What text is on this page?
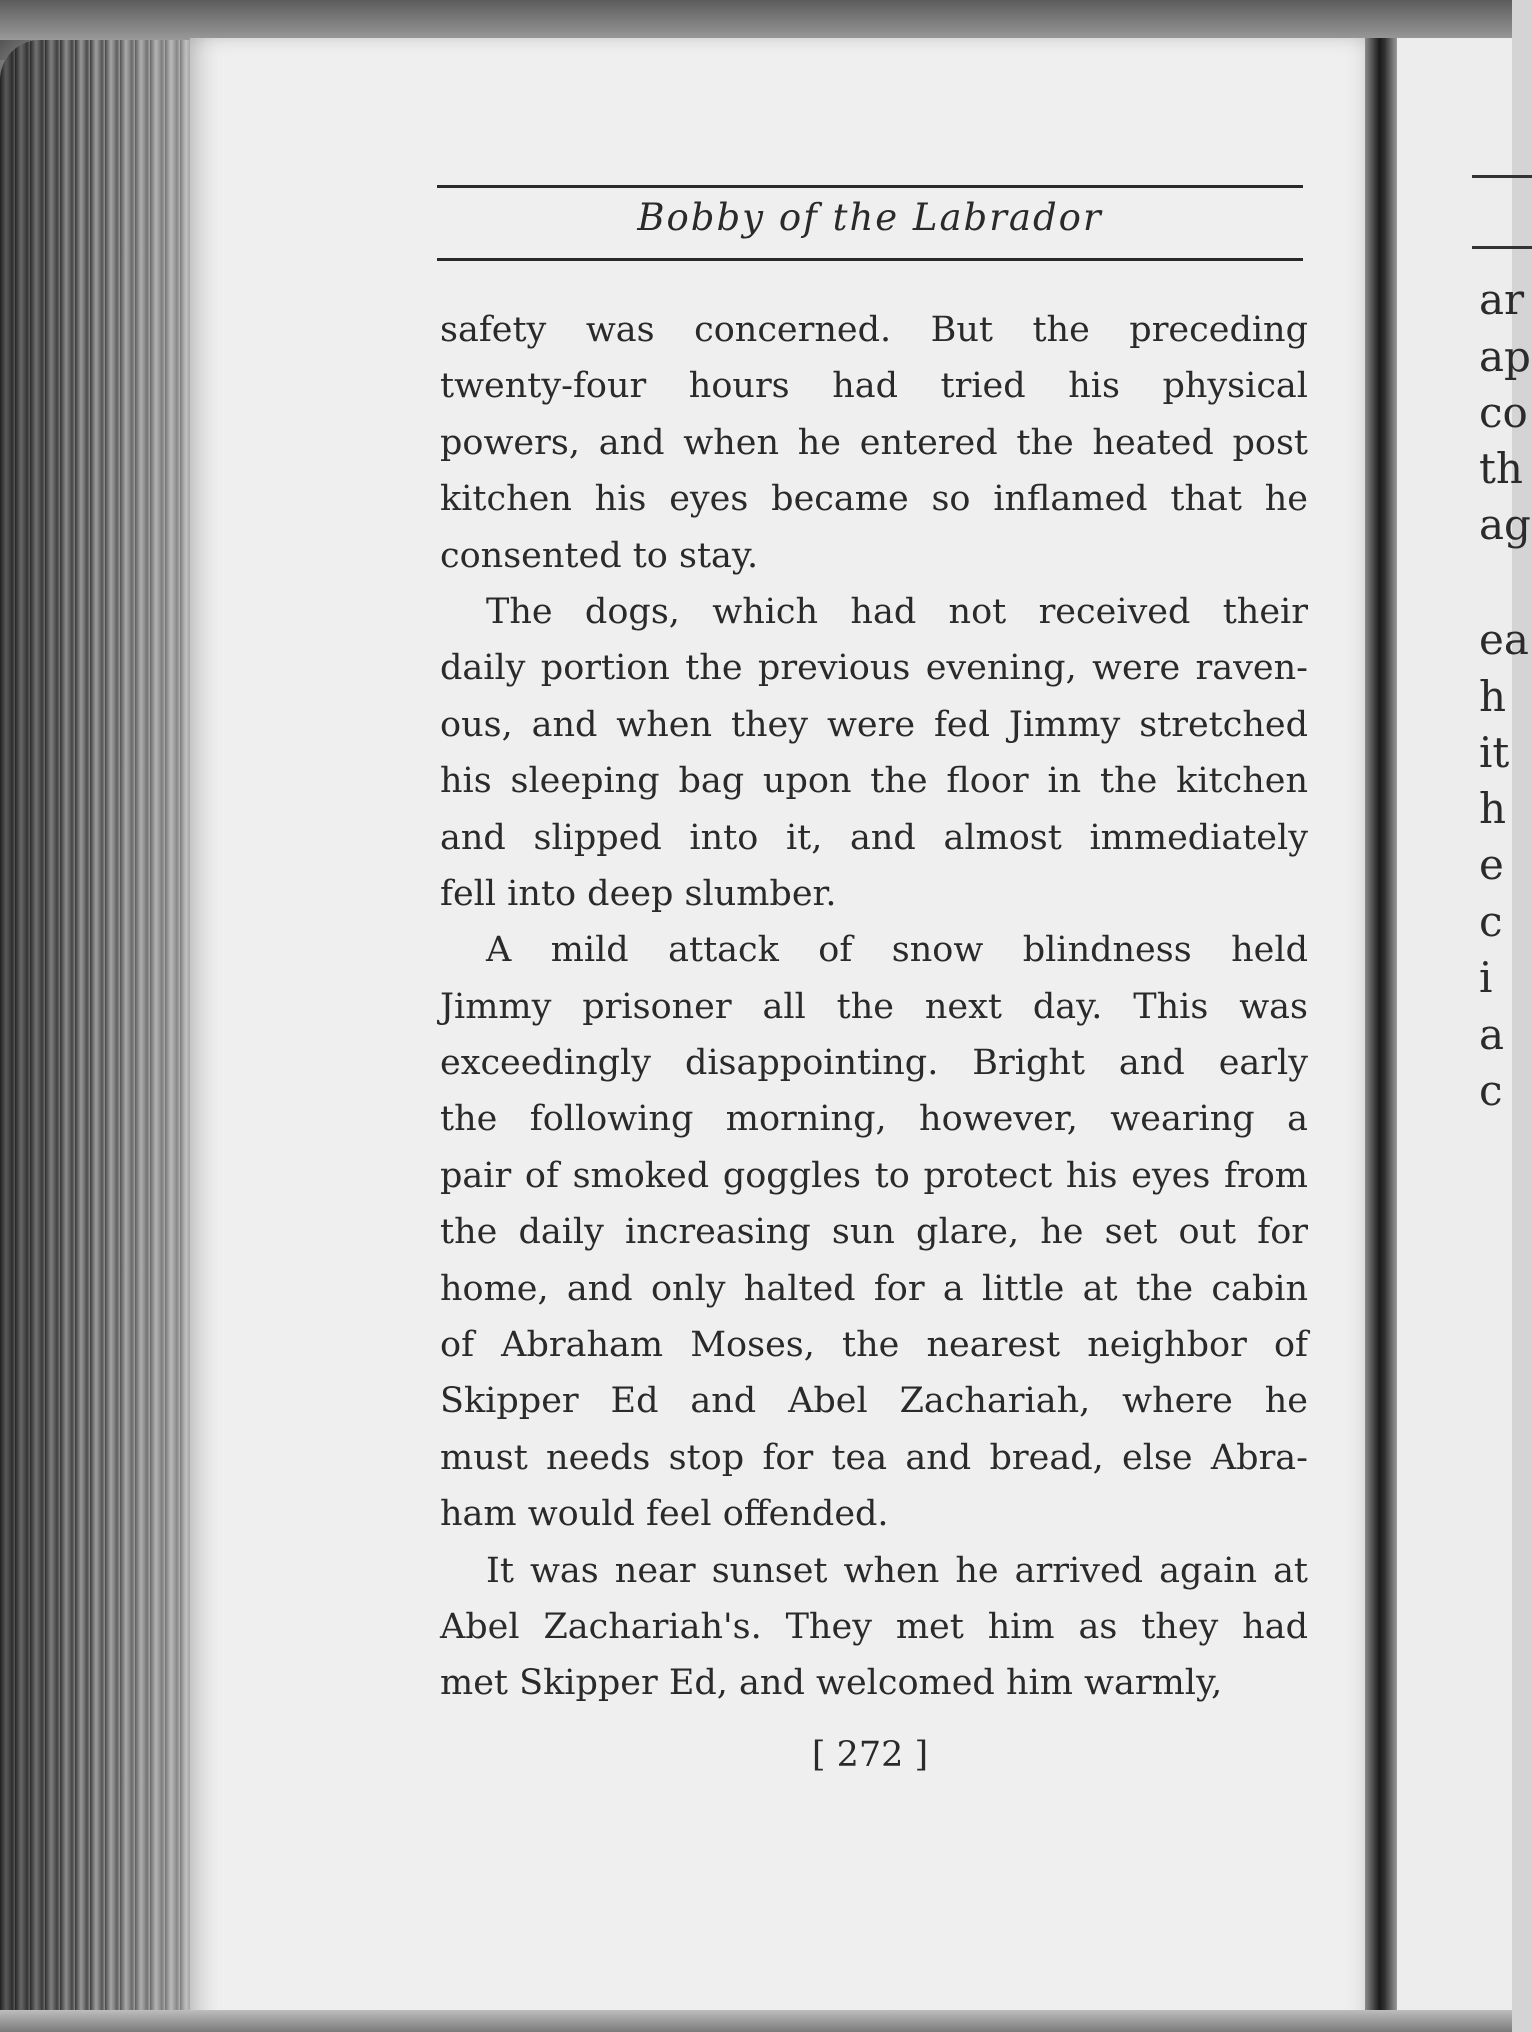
ar
ap
co
th
ag
ea
h
it
h
e
c
i
a
c
Bobby of the Labrador
safety was concerned. But the preceding
twenty-four hours had tried his physical
powers, and when he entered the heated post
kitchen his eyes became so inflamed that he
consented to stay.
The dogs, which had not received their
daily portion the previous evening, were raven-
ous, and when they were fed Jimmy stretched
his sleeping bag upon the floor in the kitchen
and slipped into it, and almost immediately
fell into deep slumber.
A mild attack of snow blindness held
Jimmy prisoner all the next day. This was
exceedingly disappointing. Bright and early
the following morning, however, wearing a
pair of smoked goggles to protect his eyes from
the daily increasing sun glare, he set out for
home, and only halted for a little at the cabin
of Abraham Moses, the nearest neighbor of
Skipper Ed and Abel Zachariah, where he
must needs stop for tea and bread, else Abra-
ham would feel offended.
It was near sunset when he arrived again at
Abel Zachariah's. They met him as they had
met Skipper Ed, and welcomed him warmly,
[ 272 ]
